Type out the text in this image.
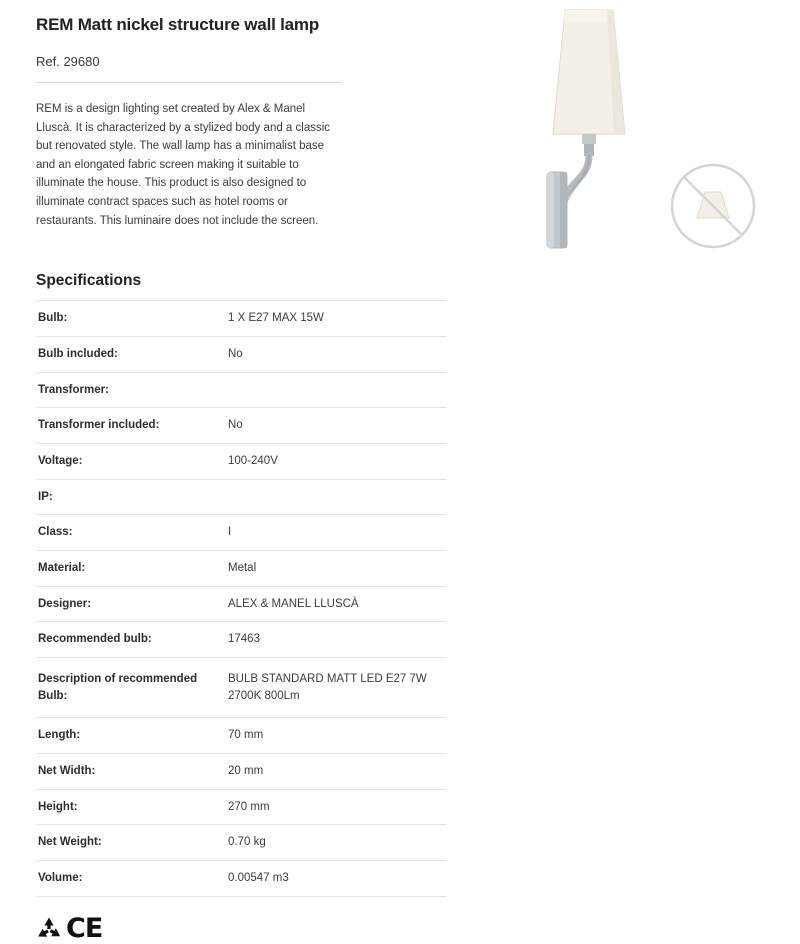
REM Matt nickel structure wall lamp
Ref. 29680

REM is a design lighting set created by Alex & Manel Lluscà. It is characterized by a stylized body and a classic but renovated style. The wall lamp has a minimalist base and an elongated fabric screen making it suitable to illuminate the house. This product is also designed to illuminate contract spaces such as hotel rooms or restaurants. This luminaire does not include the screen.

Specifications
Bulb:	1 X E27 MAX 15W
Bulb included:	No
Transformer:	
Transformer included:	No
Voltage:	100-240V
IP:	
Class:	I
Material:	Metal
Designer:	ALEX & MANEL LLUSCÀ
Recommended bulb:	17463
Description of recommended Bulb:	BULB STANDARD MATT LED E27 7W 2700K 800Lm
Length:	70 mm
Net Width:	20 mm
Height:	270 mm
Net Weight:	0.70 kg
Volume:	0.00547 m3
CE
